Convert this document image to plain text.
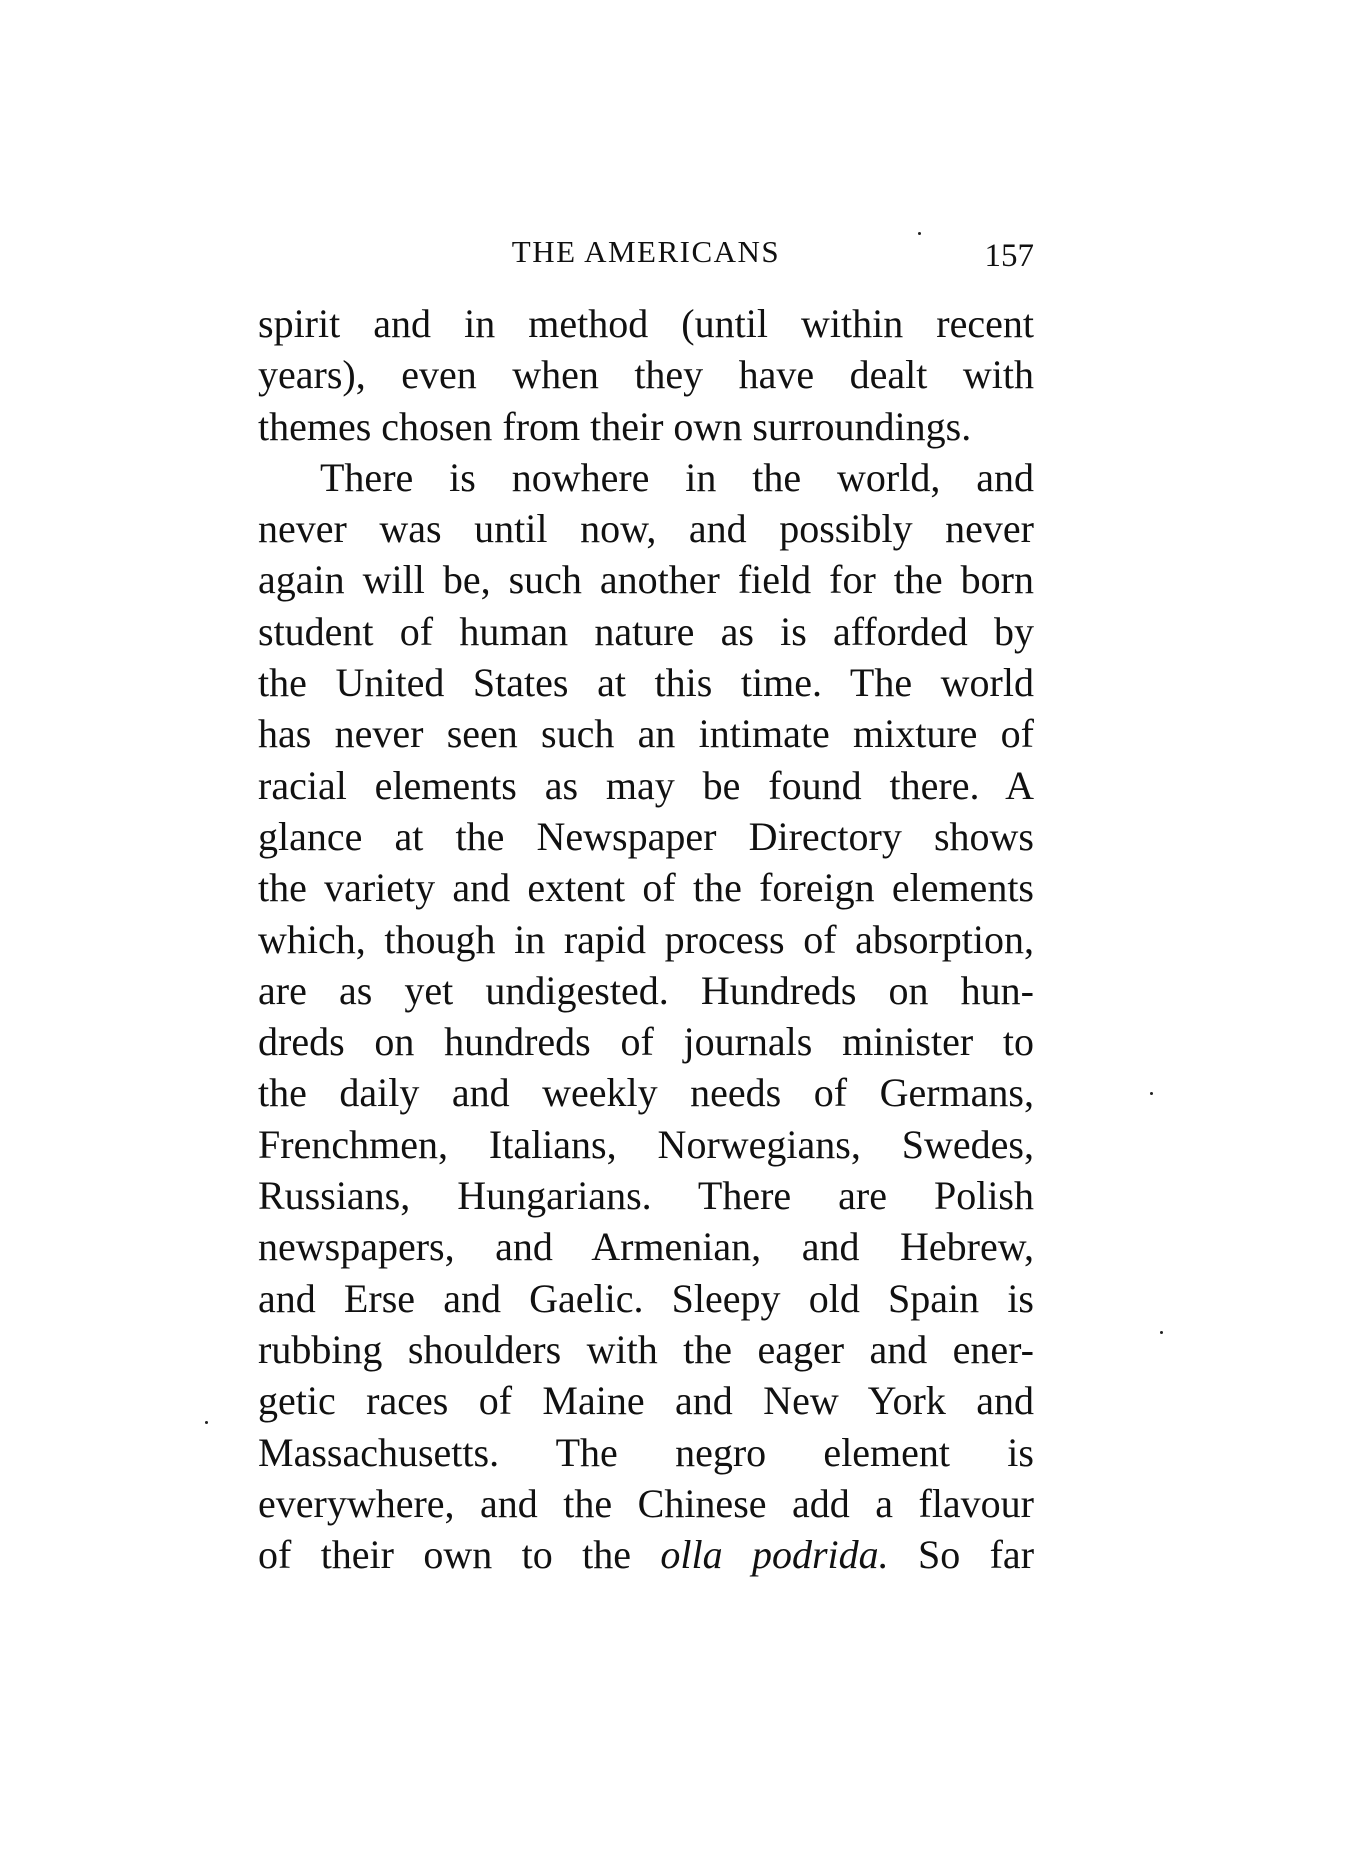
THE AMERICANS	157
spirit and in method (until within recent
years), even when they have dealt with
themes chosen from their own surroundings.
There is nowhere in the world, and
never was until now, and possibly never
again will be, such another field for the born
student of human nature as is afforded by
the United States at this time. The world
has never seen such an intimate mixture of
racial elements as may be found there. A
glance at the Newspaper Directory shows
the variety and extent of the foreign elements
which, though in rapid process of absorption,
are as yet undigested. Hundreds on hun-
dreds on hundreds of journals minister to
the daily and weekly needs of Germans,
Frenchmen, Italians, Norwegians, Swedes,
Russians, Hungarians. There are Polish
newspapers, and Armenian, and Hebrew,
and Erse and Gaelic. Sleepy old Spain is
rubbing shoulders with the eager and ener-
getic races of Maine and New York and
Massachusetts. The negro element is
everywhere, and the Chinese add a flavour
of their own to the olla podrida. So far
